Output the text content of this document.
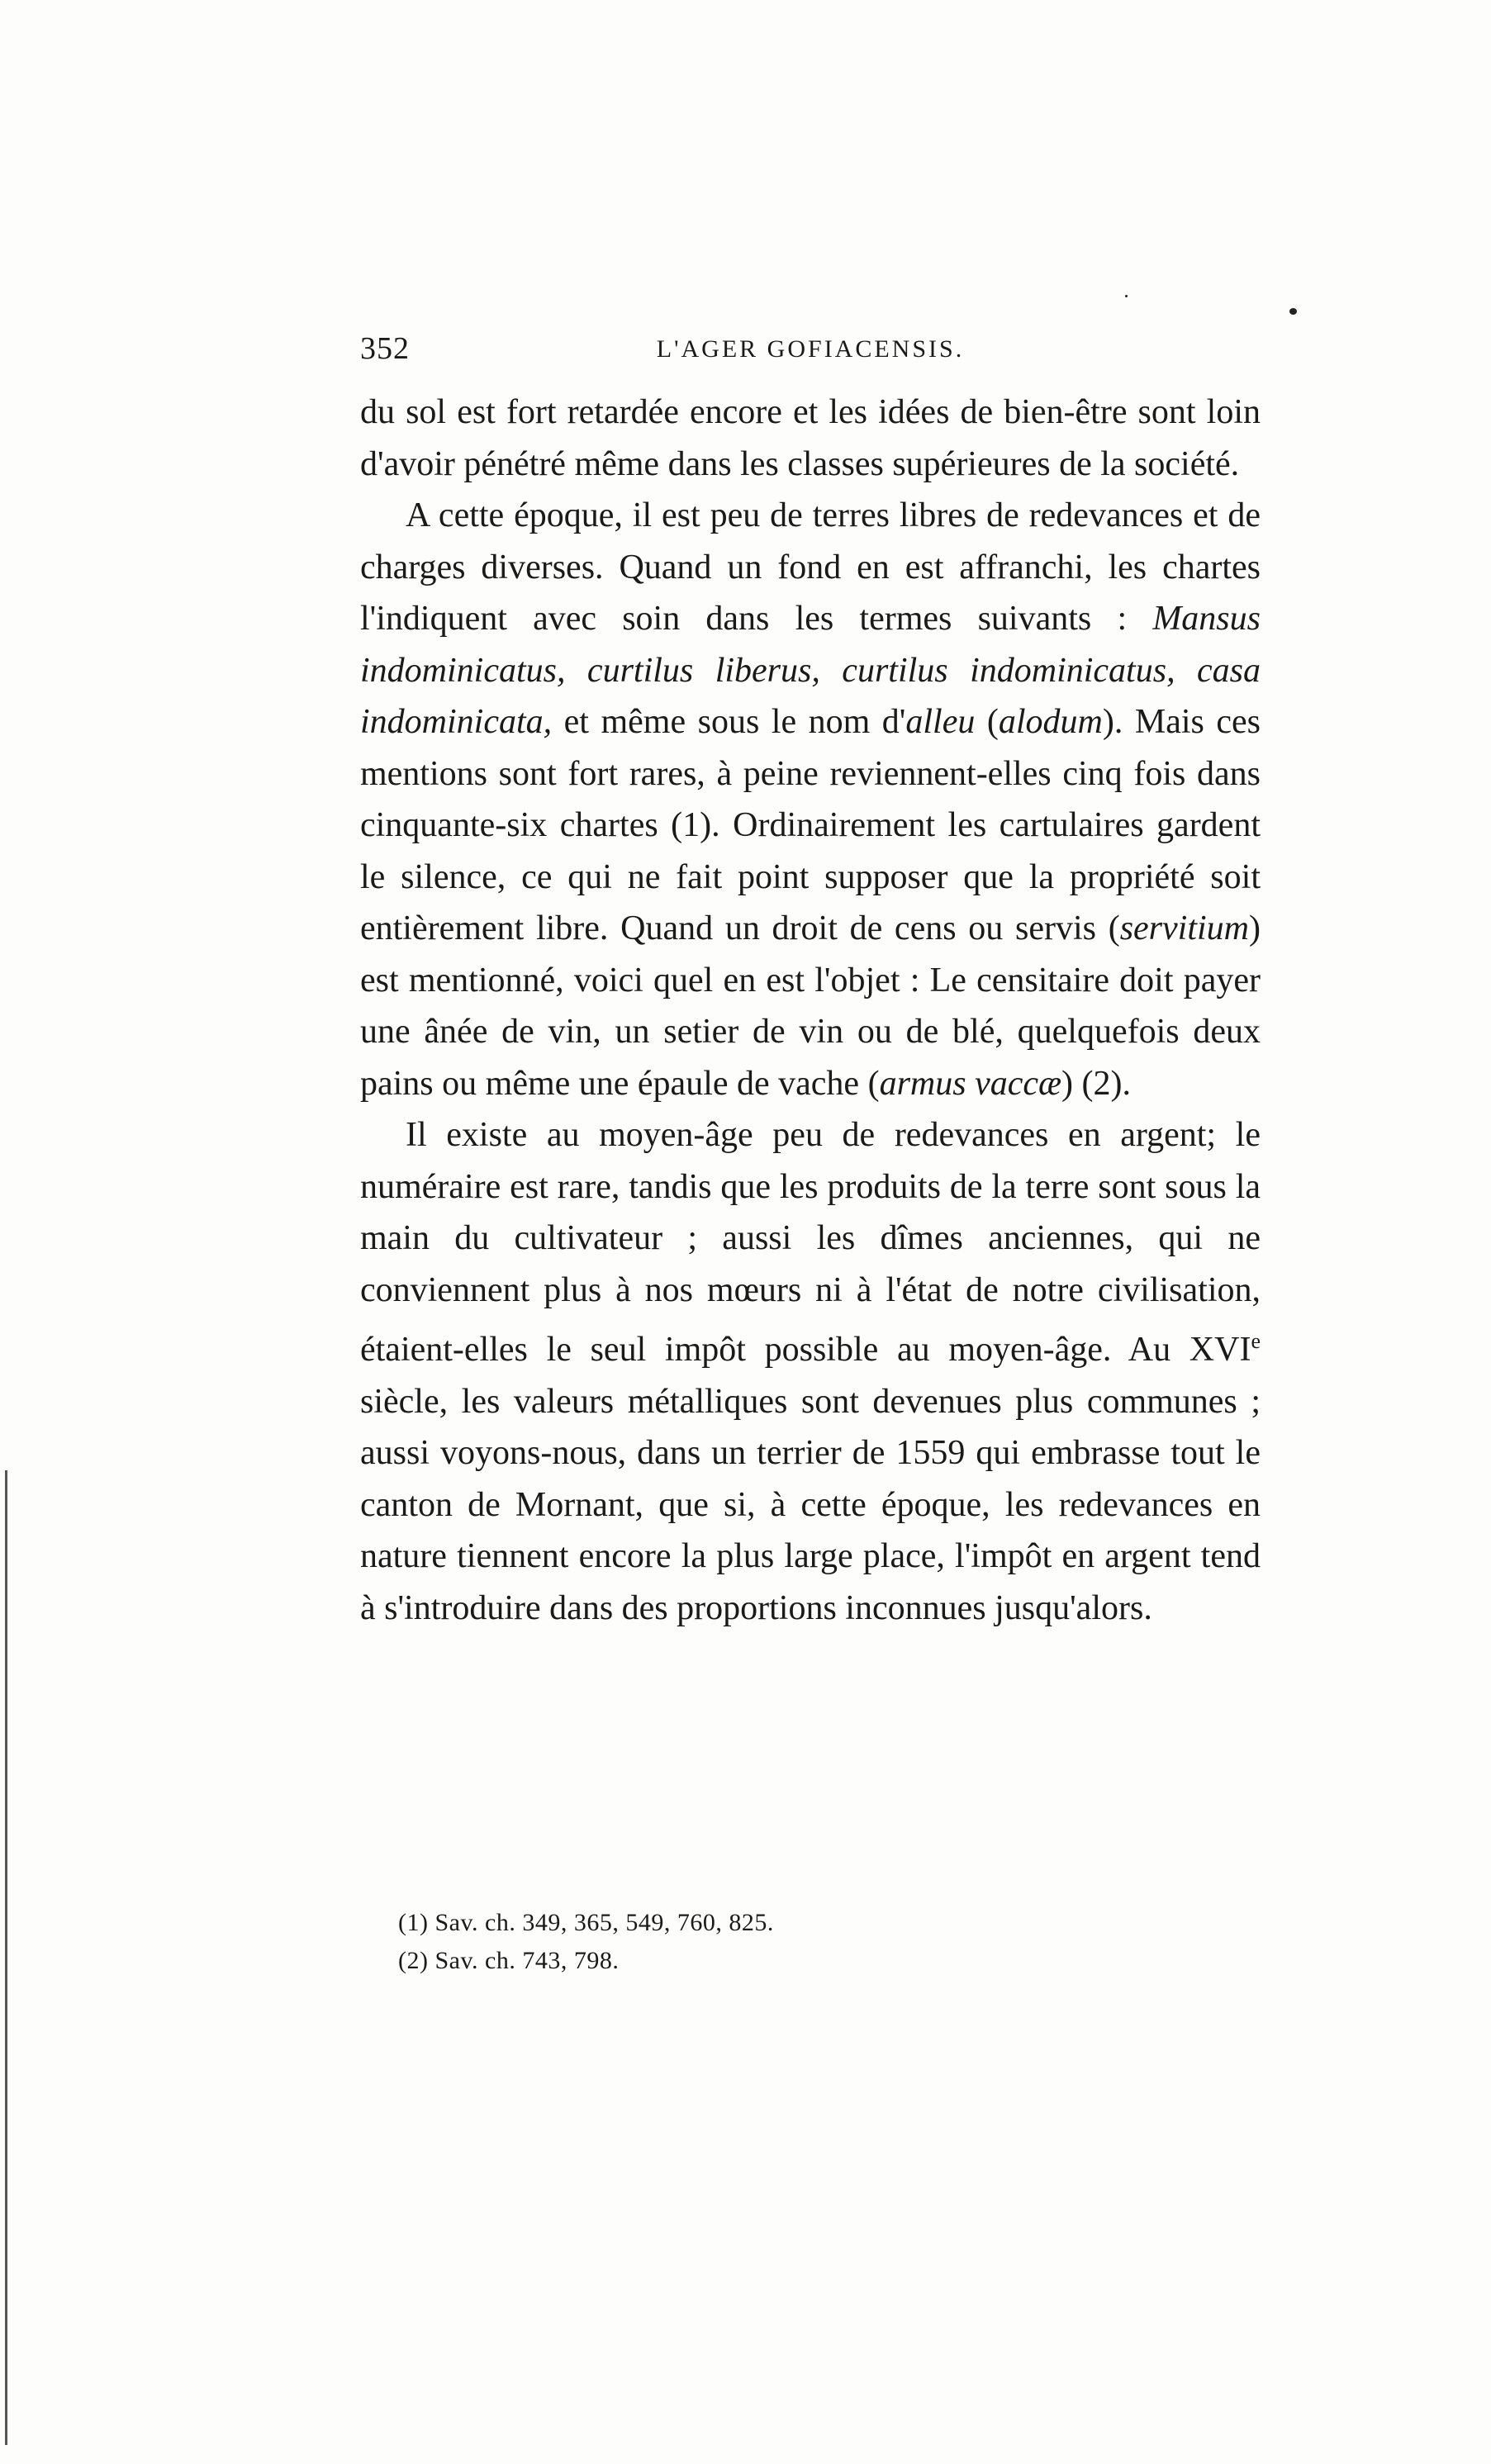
352	L'AGER GOFIACENSIS.

du sol est fort retardée encore et les idées de bien-être sont loin d'avoir pénétré même dans les classes supérieures de la société.

A cette époque, il est peu de terres libres de redevances et de charges diverses. Quand un fond en est affranchi, les chartes l'indiquent avec soin dans les termes suivants : Mansus indominicatus, curtilus liberus, curtilus indominicatus, casa indominicata, et même sous le nom d'alleu (alodum). Mais ces mentions sont fort rares, à peine reviennent-elles cinq fois dans cinquante-six chartes (1). Ordinairement les cartulaires gardent le silence, ce qui ne fait point supposer que la propriété soit entièrement libre. Quand un droit de cens ou servis (servitium) est mentionné, voici quel en est l'objet : Le censitaire doit payer une ânée de vin, un setier de vin ou de blé, quelquefois deux pains ou même une épaule de vache (armus vaccæ) (2).

Il existe au moyen-âge peu de redevances en argent; le numéraire est rare, tandis que les produits de la terre sont sous la main du cultivateur ; aussi les dîmes anciennes, qui ne conviennent plus à nos mœurs ni à l'état de notre civilisation, étaient-elles le seul impôt possible au moyen-âge. Au XVIe siècle, les valeurs métalliques sont devenues plus communes ; aussi voyons-nous, dans un terrier de 1559 qui embrasse tout le canton de Mornant, que si, à cette époque, les redevances en nature tiennent encore la plus large place, l'impôt en argent tend à s'introduire dans des proportions inconnues jusqu'alors.

(1) Sav. ch. 349, 365, 549, 760, 825.

(2) Sav. ch. 743, 798.
